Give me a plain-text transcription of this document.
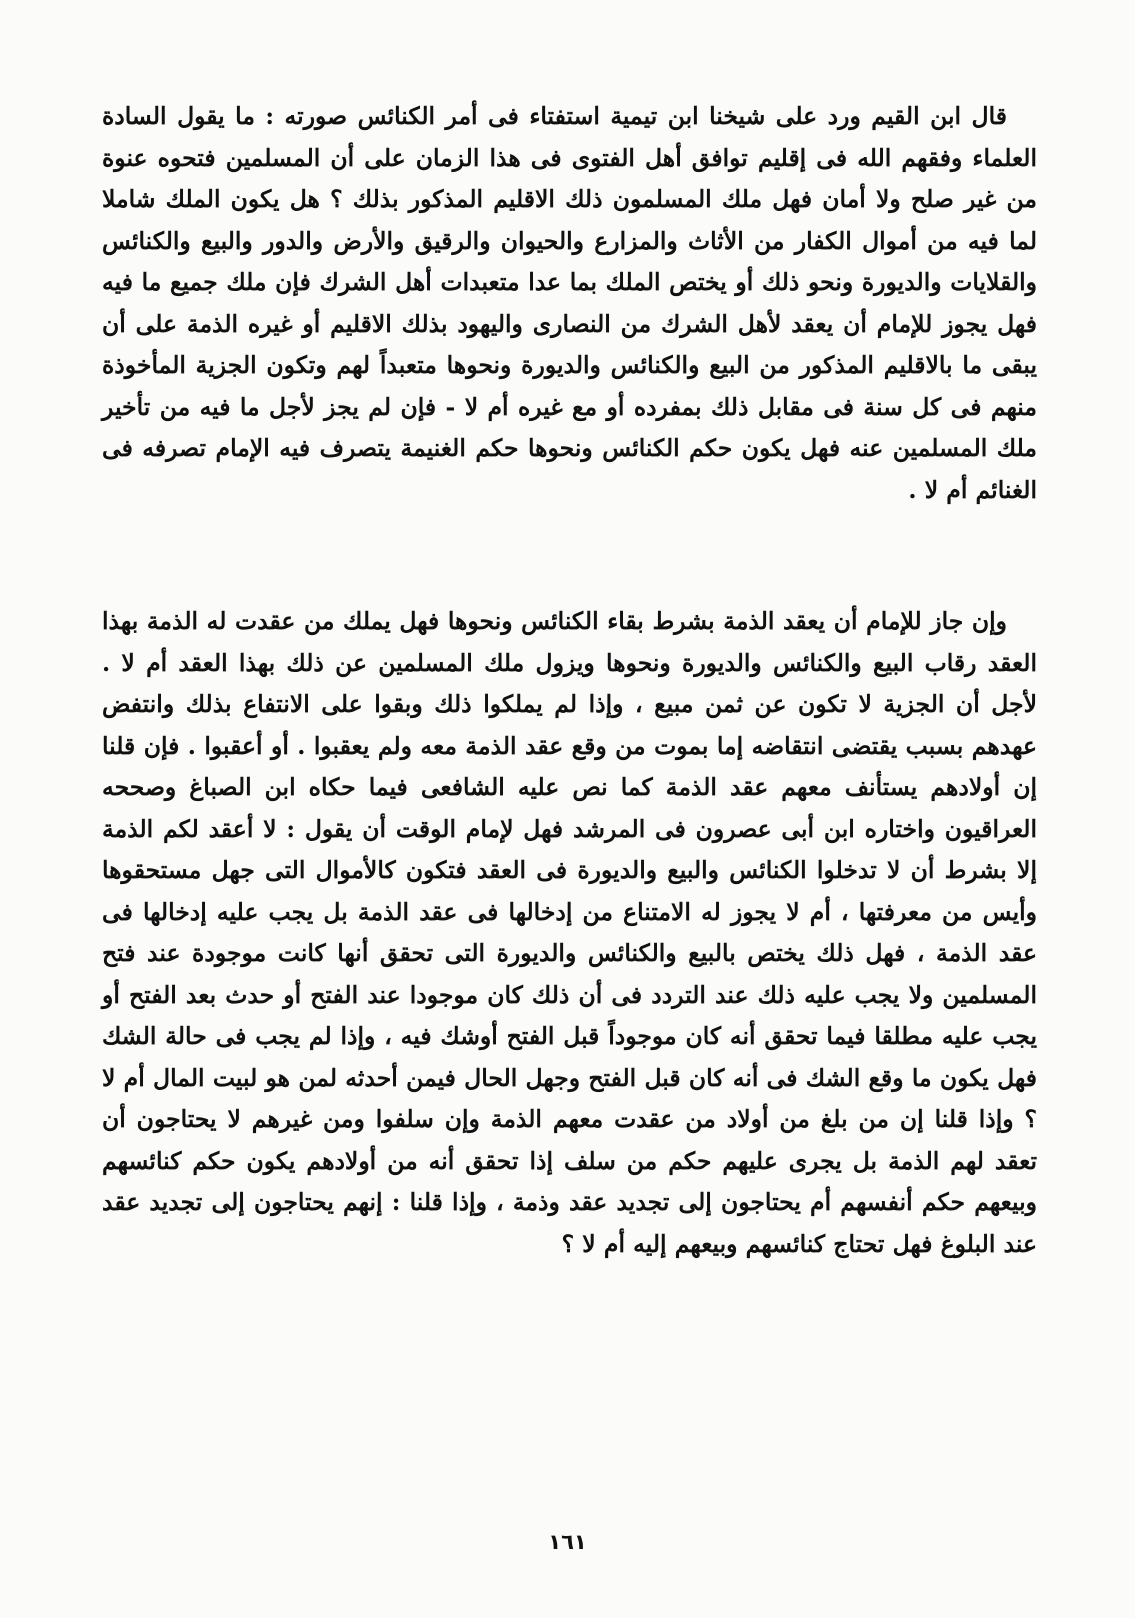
قال ابن القيم ورد على شيخنا ابن تيمية استفتاء فى أمر الكنائس صورته : ما يقول السادة العلماء وفقهم الله فى إقليم توافق أهل الفتوى فى هذا الزمان على أن المسلمين فتحوه عنوة من غير صلح ولا أمان فهل ملك المسلمون ذلك الاقليم المذكور بذلك ؟ هل يكون الملك شاملا لما فيه من أموال الكفار من الأثاث والمزارع والحيوان والرقيق والأرض والدور والبيع والكنائس والقلايات والديورة ونحو ذلك أو يختص الملك بما عدا متعبدات أهل الشرك فإن ملك جميع ما فيه فهل يجوز للإمام أن يعقد لأهل الشرك من النصارى واليهود بذلك الاقليم أو غيره الذمة على أن يبقى ما بالاقليم المذكور من البيع والكنائس والديورة ونحوها متعبداً لهم وتكون الجزية المأخوذة منهم فى كل سنة فى مقابل ذلك بمفرده أو مع غيره أم لا - فإن لم يجز لأجل ما فيه من تأخير ملك المسلمين عنه فهل يكون حكم الكنائس ونحوها حكم الغنيمة يتصرف فيه الإمام تصرفه فى الغنائم أم لا .

وإن جاز للإمام أن يعقد الذمة بشرط بقاء الكنائس ونحوها فهل يملك من عقدت له الذمة بهذا العقد رقاب البيع والكنائس والديورة ونحوها ويزول ملك المسلمين عن ذلك بهذا العقد أم لا . لأجل أن الجزية لا تكون عن ثمن مبيع ، وإذا لم يملكوا ذلك وبقوا على الانتفاع بذلك وانتفض عهدهم بسبب يقتضى انتقاضه إما بموت من وقع عقد الذمة معه ولم يعقبوا . أو أعقبوا . فإن قلنا إن أولادهم يستأنف معهم عقد الذمة كما نص عليه الشافعى فيما حكاه ابن الصباغ وصححه العراقيون واختاره ابن أبى عصرون فى المرشد فهل لإمام الوقت أن يقول : لا أعقد لكم الذمة إلا بشرط أن لا تدخلوا الكنائس والبيع والديورة فى العقد فتكون كالأموال التى جهل مستحقوها وأيس من معرفتها ، أم لا يجوز له الامتناع من إدخالها فى عقد الذمة بل يجب عليه إدخالها فى عقد الذمة ، فهل ذلك يختص بالبيع والكنائس والديورة التى تحقق أنها كانت موجودة عند فتح المسلمين ولا يجب عليه ذلك عند التردد فى أن ذلك كان موجودا عند الفتح أو حدث بعد الفتح أو يجب عليه مطلقا فيما تحقق أنه كان موجوداً قبل الفتح أوشك فيه ، وإذا لم يجب فى حالة الشك فهل يكون ما وقع الشك فى أنه كان قبل الفتح وجهل الحال فيمن أحدثه لمن هو لبيت المال أم لا ؟ وإذا قلنا إن من بلغ من أولاد من عقدت معهم الذمة وإن سلفوا ومن غيرهم لا يحتاجون أن تعقد لهم الذمة بل يجرى عليهم حكم من سلف إذا تحقق أنه من أولادهم يكون حكم كنائسهم وبيعهم حكم أنفسهم أم يحتاجون إلى تجديد عقد وذمة ، وإذا قلنا : إنهم يحتاجون إلى تجديد عقد عند البلوغ فهل تحتاج كنائسهم وبيعهم إليه أم لا ؟

١٦١
